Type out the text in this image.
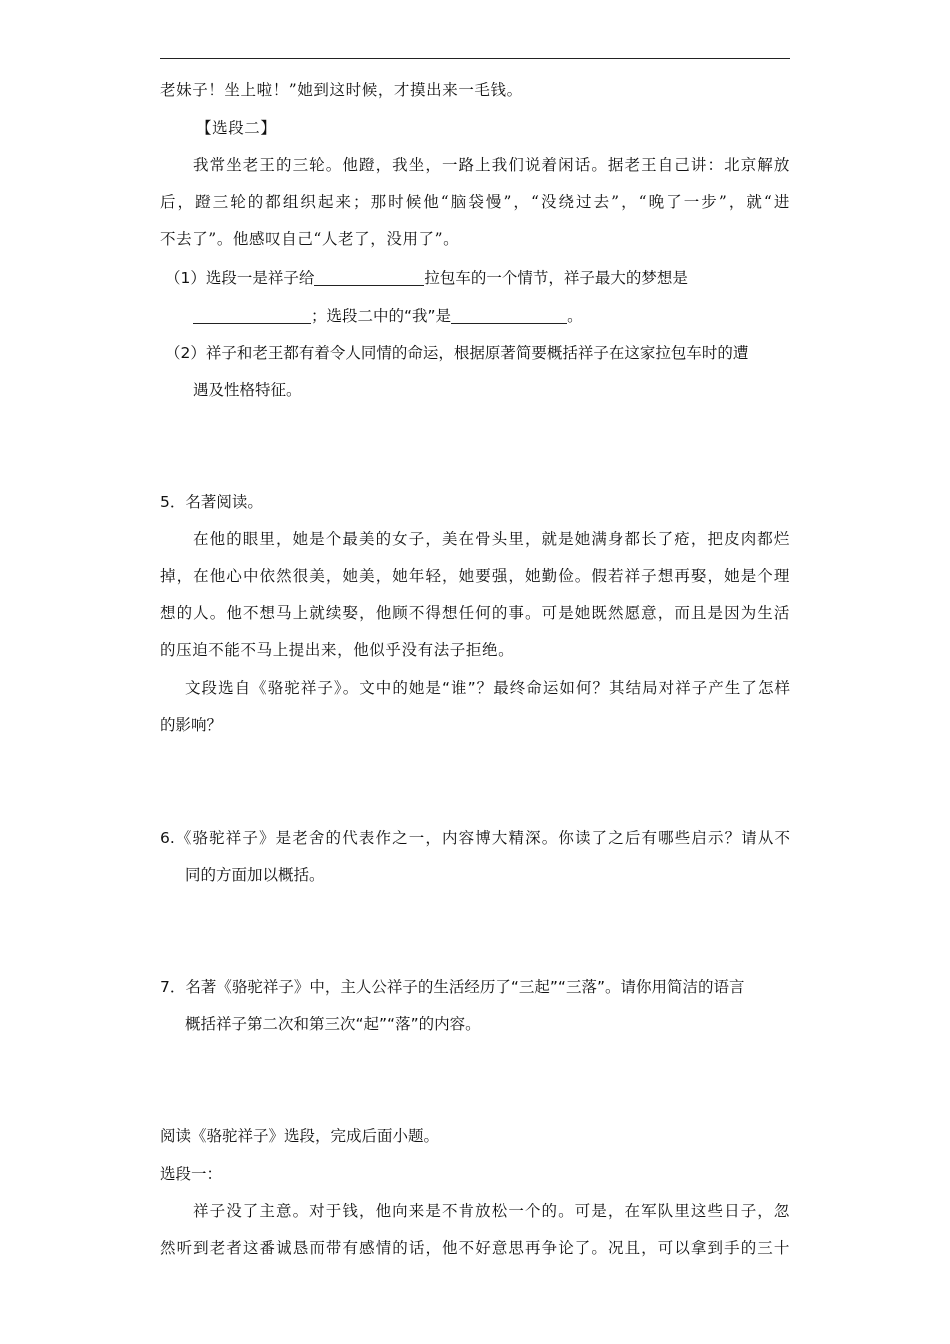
老妹子！坐上啦！”她到这时候，才摸出来一毛钱。
【选段二】
我常坐老王的三轮。他蹬，我坐，一路上我们说着闲话。据老王自己讲：北京解放
后，蹬三轮的都组织起来；那时候他“脑袋慢”，“没绕过去”，“晚了一步”，就“进
不去了”。他感叹自己“人老了，没用了”。
（1）选段一是祥子给	拉包车的一个情节，祥子最大的梦想是
；选段二中的“我”是	。
（2）祥子和老王都有着令人同情的命运，根据原著简要概括祥子在这家拉包车时的遭
遇及性格特征。
5．名著阅读。
在他的眼里，她是个最美的女子，美在骨头里，就是她满身都长了疮，把皮肉都烂
掉，在他心中依然很美，她美，她年轻，她要强，她勤俭。假若祥子想再娶，她是个理
想的人。他不想马上就续娶，他顾不得想任何的事。可是她既然愿意，而且是因为生活
的压迫不能不马上提出来，他似乎没有法子拒绝。
文段选自《骆驼祥子》。文中的她是“谁”？最终命运如何？其结局对祥子产生了怎样
的影响？
6.《骆驼祥子》是老舍的代表作之一，内容博大精深。你读了之后有哪些启示？请从不
同的方面加以概括。
7．名著《骆驼祥子》中，主人公祥子的生活经历了“三起”“三落”。请你用简洁的语言
概括祥子第二次和第三次“起”“落”的内容。
阅读《骆驼祥子》选段，完成后面小题。
选段一：
祥子没了主意。对于钱，他向来是不肯放松一个的。可是，在军队里这些日子，忽
然听到老者这番诚恳而带有感情的话，他不好意思再争论了。况且，可以拿到手的三十
